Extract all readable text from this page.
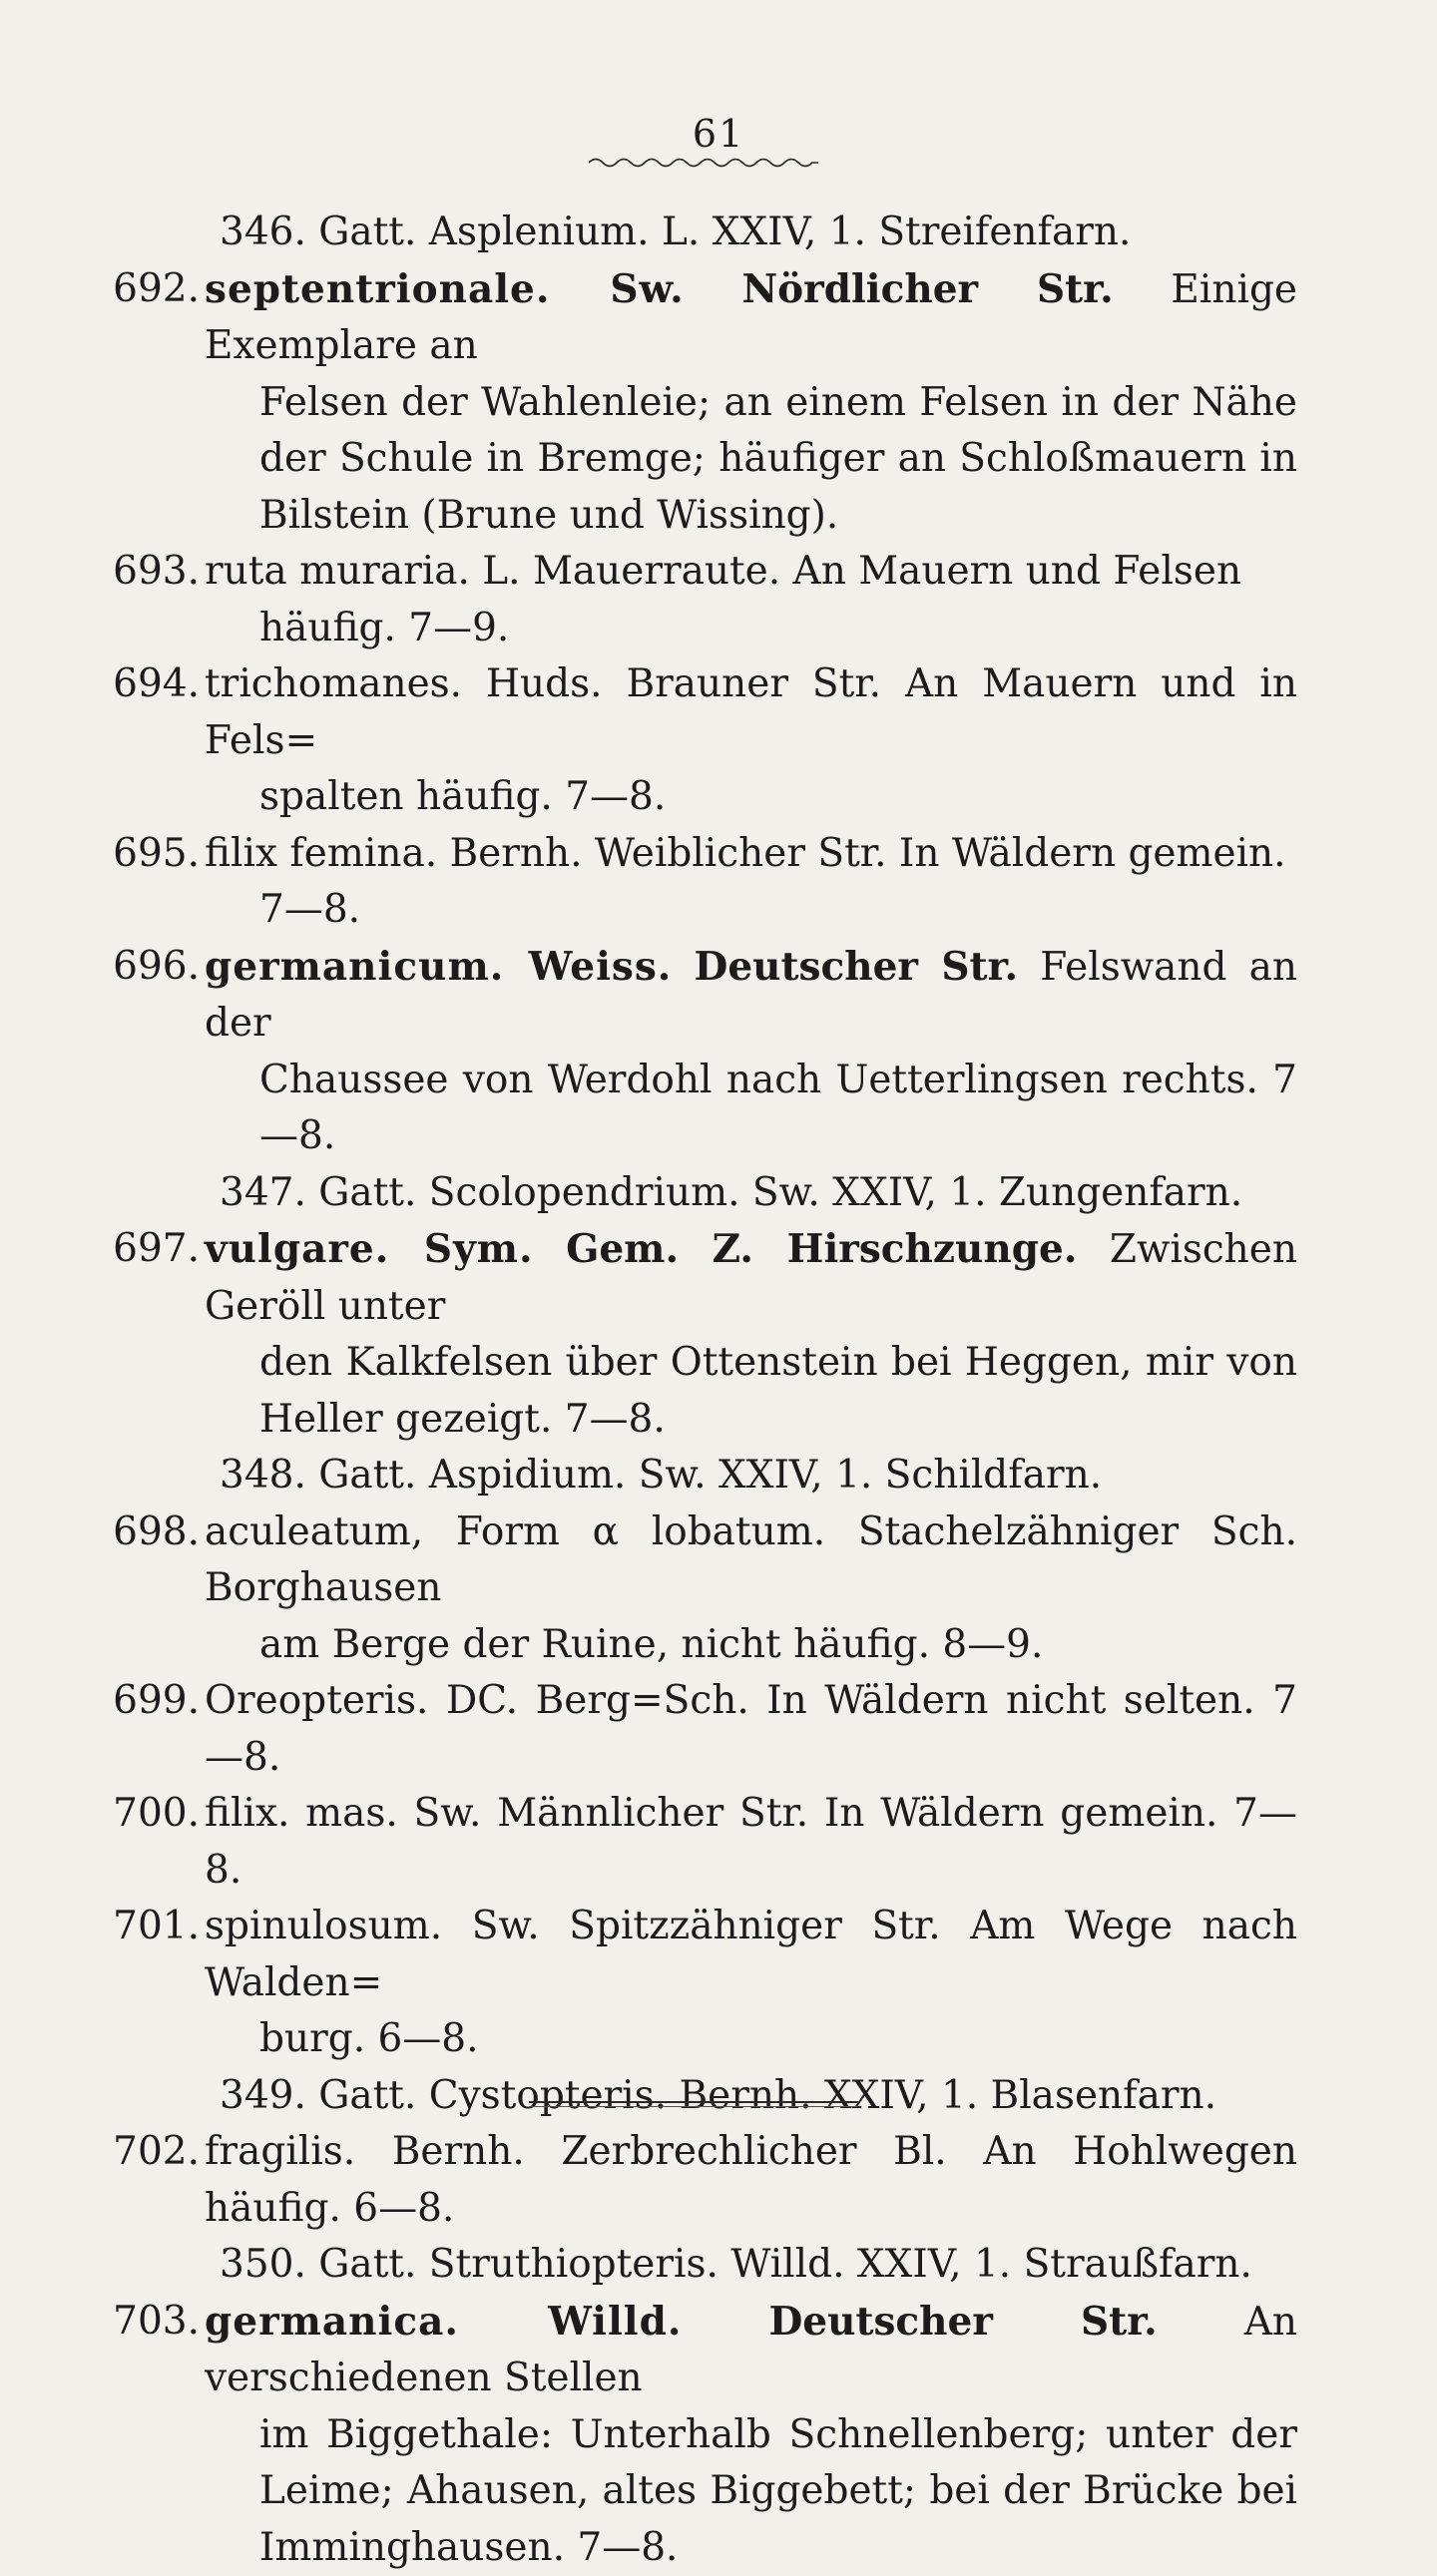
61
346. Gatt. Asplenium. L. XXIV, 1. Streifenfarn.
692. septentrionale. Sw. Nördlicher Str. Einige Exemplare an
Felsen der Wahlenleie; an einem Felsen in der Nähe der Schule in Bremge; häufiger an Schloßmauern in Bilstein (Brune und Wissing).
693. ruta muraria. L. Mauerraute. An Mauern und Felsen
häufig. 7—9.
694. trichomanes. Huds. Brauner Str. An Mauern und in Fels=
spalten häufig. 7—8.
695. filix femina. Bernh. Weiblicher Str. In Wäldern gemein.
7—8.
696. germanicum. Weiss. Deutscher Str. Felswand an der
Chaussee von Werdohl nach Uetterlingsen rechts. 7—8.
347. Gatt. Scolopendrium. Sw. XXIV, 1. Zungenfarn.
697. vulgare. Sym. Gem. Z. Hirschzunge. Zwischen Geröll unter
den Kalkfelsen über Ottenstein bei Heggen, mir von Heller gezeigt. 7—8.
348. Gatt. Aspidium. Sw. XXIV, 1. Schildfarn.
698. aculeatum, Form α lobatum. Stachelzähniger Sch. Borghausen
am Berge der Ruine, nicht häufig. 8—9.
699. Oreopteris. DC. Berg=Sch. In Wäldern nicht selten. 7—8.
700. filix. mas. Sw. Männlicher Str. In Wäldern gemein. 7—8.
701. spinulosum. Sw. Spitzzähniger Str. Am Wege nach Walden=
burg. 6—8.
349. Gatt. Cystopteris. Bernh. XXIV, 1. Blasenfarn.
702. fragilis. Bernh. Zerbrechlicher Bl. An Hohlwegen häufig. 6—8.
350. Gatt. Struthiopteris. Willd. XXIV, 1. Straußfarn.
703. germanica. Willd. Deutscher Str. An verschiedenen Stellen
im Biggethale: Unterhalb Schnellenberg; unter der Leime; Ahausen, altes Biggebett; bei der Brücke bei Imminghausen. 7—8.
